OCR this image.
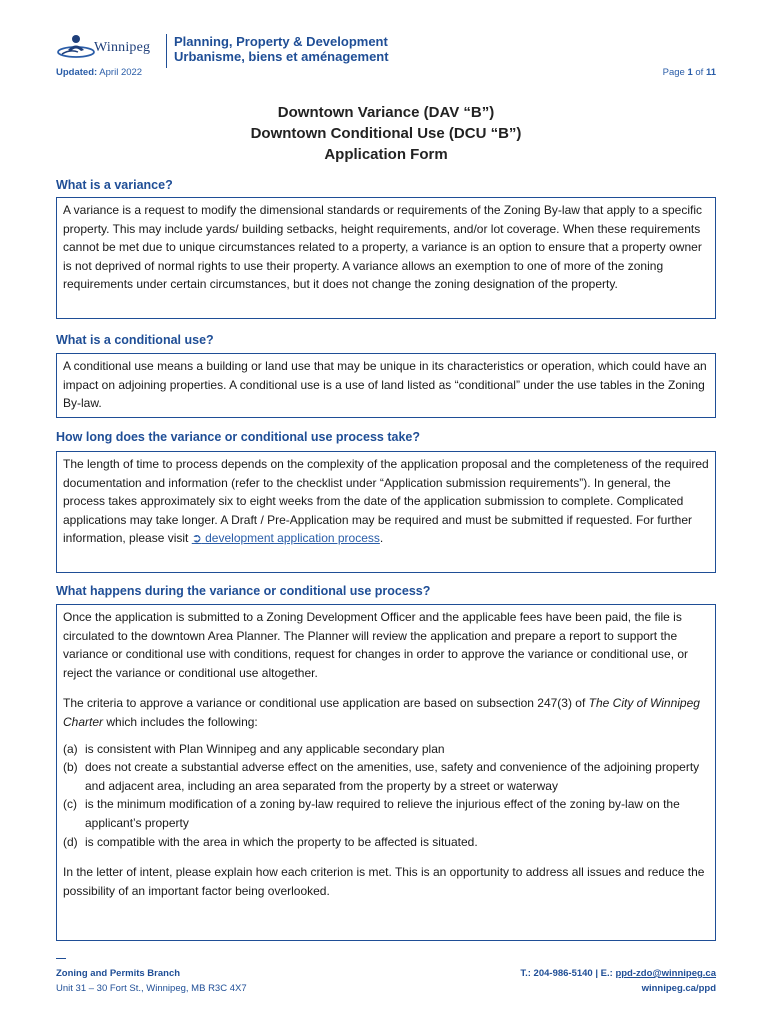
Winnipeg Planning, Property & Development
Urbanisme, biens et aménagement
Updated: April 2022	Page 1 of 11
Downtown Variance (DAV “B”)
Downtown Conditional Use (DCU “B”)
Application Form
What is a variance?

A variance is a request to modify the dimensional standards or requirements of the Zoning By-law that apply to a specific property. This may include yards/ building setbacks, height requirements, and/or lot coverage. When these requirements cannot be met due to unique circumstances related to a property, a variance is an option to ensure that a property owner is not deprived of normal rights to use their property. A variance allows an exemption to one of more of the zoning requirements under certain circumstances, but it does not change the zoning designation of the property.

What is a conditional use?

A conditional use means a building or land use that may be unique in its characteristics or operation, which could have an impact on adjoining properties. A conditional use is a use of land listed as “conditional” under the use tables in the Zoning By-law.

How long does the variance or conditional use process take?

The length of time to process depends on the complexity of the application proposal and the completeness of the required documentation and information (refer to the checklist under “Application submission requirements”). In general, the process takes approximately six to eight weeks from the date of the application submission to complete. Complicated applications may take longer. A Draft / Pre-Application may be required and must be submitted if requested. For further information, please visit ➲ development application process.

What happens during the variance or conditional use process?

Once the application is submitted to a Zoning Development Officer and the applicable fees have been paid, the file is circulated to the downtown Area Planner. The Planner will review the application and prepare a report to support the variance or conditional use with conditions, request for changes in order to approve the variance or conditional use, or reject the variance or conditional use altogether.

The criteria to approve a variance or conditional use application are based on subsection 247(3) of The City of Winnipeg Charter which includes the following:

(a) is consistent with Plan Winnipeg and any applicable secondary plan
(b) does not create a substantial adverse effect on the amenities, use, safety and convenience of the adjoining property and adjacent area, including an area separated from the property by a street or waterway
(c) is the minimum modification of a zoning by-law required to relieve the injurious effect of the zoning by-law on the applicant’s property
(d) is compatible with the area in which the property to be affected is situated.

In the letter of intent, please explain how each criterion is met. This is an opportunity to address all issues and reduce the possibility of an important factor being overlooked.

Zoning and Permits Branch
Unit 31 – 30 Fort St., Winnipeg, MB R3C 4X7
T.: 204-986-5140 | E.: ppd-zdo@winnipeg.ca
winnipeg.ca/ppd
